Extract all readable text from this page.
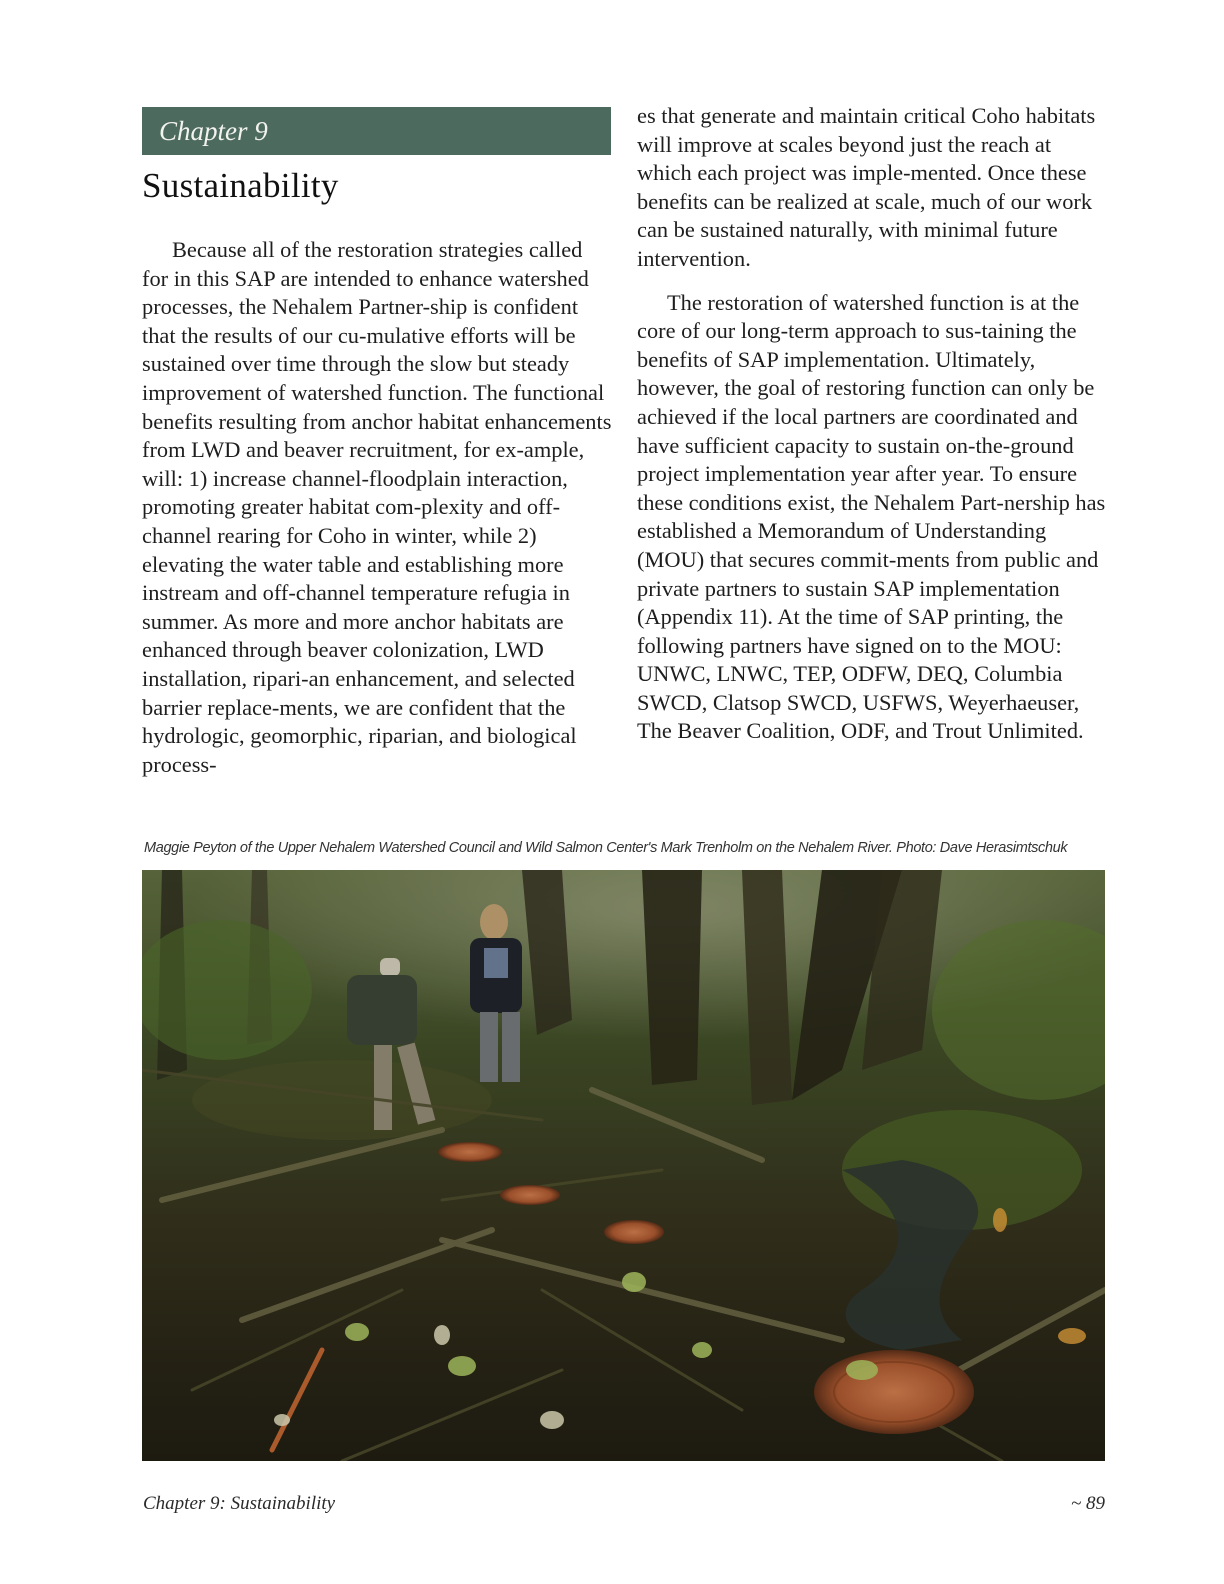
Chapter 9
Sustainability

Because all of the restoration strategies called for in this SAP are intended to enhance watershed processes, the Nehalem Partner-ship is confident that the results of our cu-mulative efforts will be sustained over time through the slow but steady improvement of watershed function. The functional benefits resulting from anchor habitat enhancements from LWD and beaver recruitment, for ex-ample, will: 1) increase channel-floodplain interaction, promoting greater habitat com-plexity and off-channel rearing for Coho in winter, while 2) elevating the water table and establishing more instream and off-channel temperature refugia in summer. As more and more anchor habitats are enhanced through beaver colonization, LWD installation, ripari-an enhancement, and selected barrier replace-ments, we are confident that the hydrologic, geomorphic, riparian, and biological process-

es that generate and maintain critical Coho habitats will improve at scales beyond just the reach at which each project was imple-mented. Once these benefits can be realized at scale, much of our work can be sustained naturally, with minimal future intervention.

The restoration of watershed function is at the core of our long-term approach to sus-taining the benefits of SAP implementation. Ultimately, however, the goal of restoring function can only be achieved if the local partners are coordinated and have sufficient capacity to sustain on-the-ground project implementation year after year. To ensure these conditions exist, the Nehalem Part-nership has established a Memorandum of Understanding (MOU) that secures commit-ments from public and private partners to sustain SAP implementation (Appendix 11). At the time of SAP printing, the following partners have signed on to the MOU: UNWC, LNWC, TEP, ODFW, DEQ, Columbia SWCD, Clatsop SWCD, USFWS, Weyerhaeuser, The Beaver Coalition, ODF, and Trout Unlimited.

Maggie Peyton of the Upper Nehalem Watershed Council and Wild Salmon Center's Mark Trenholm on the Nehalem River. Photo: Dave Herasimtschuk
Chapter 9: Sustainability	~ 89
